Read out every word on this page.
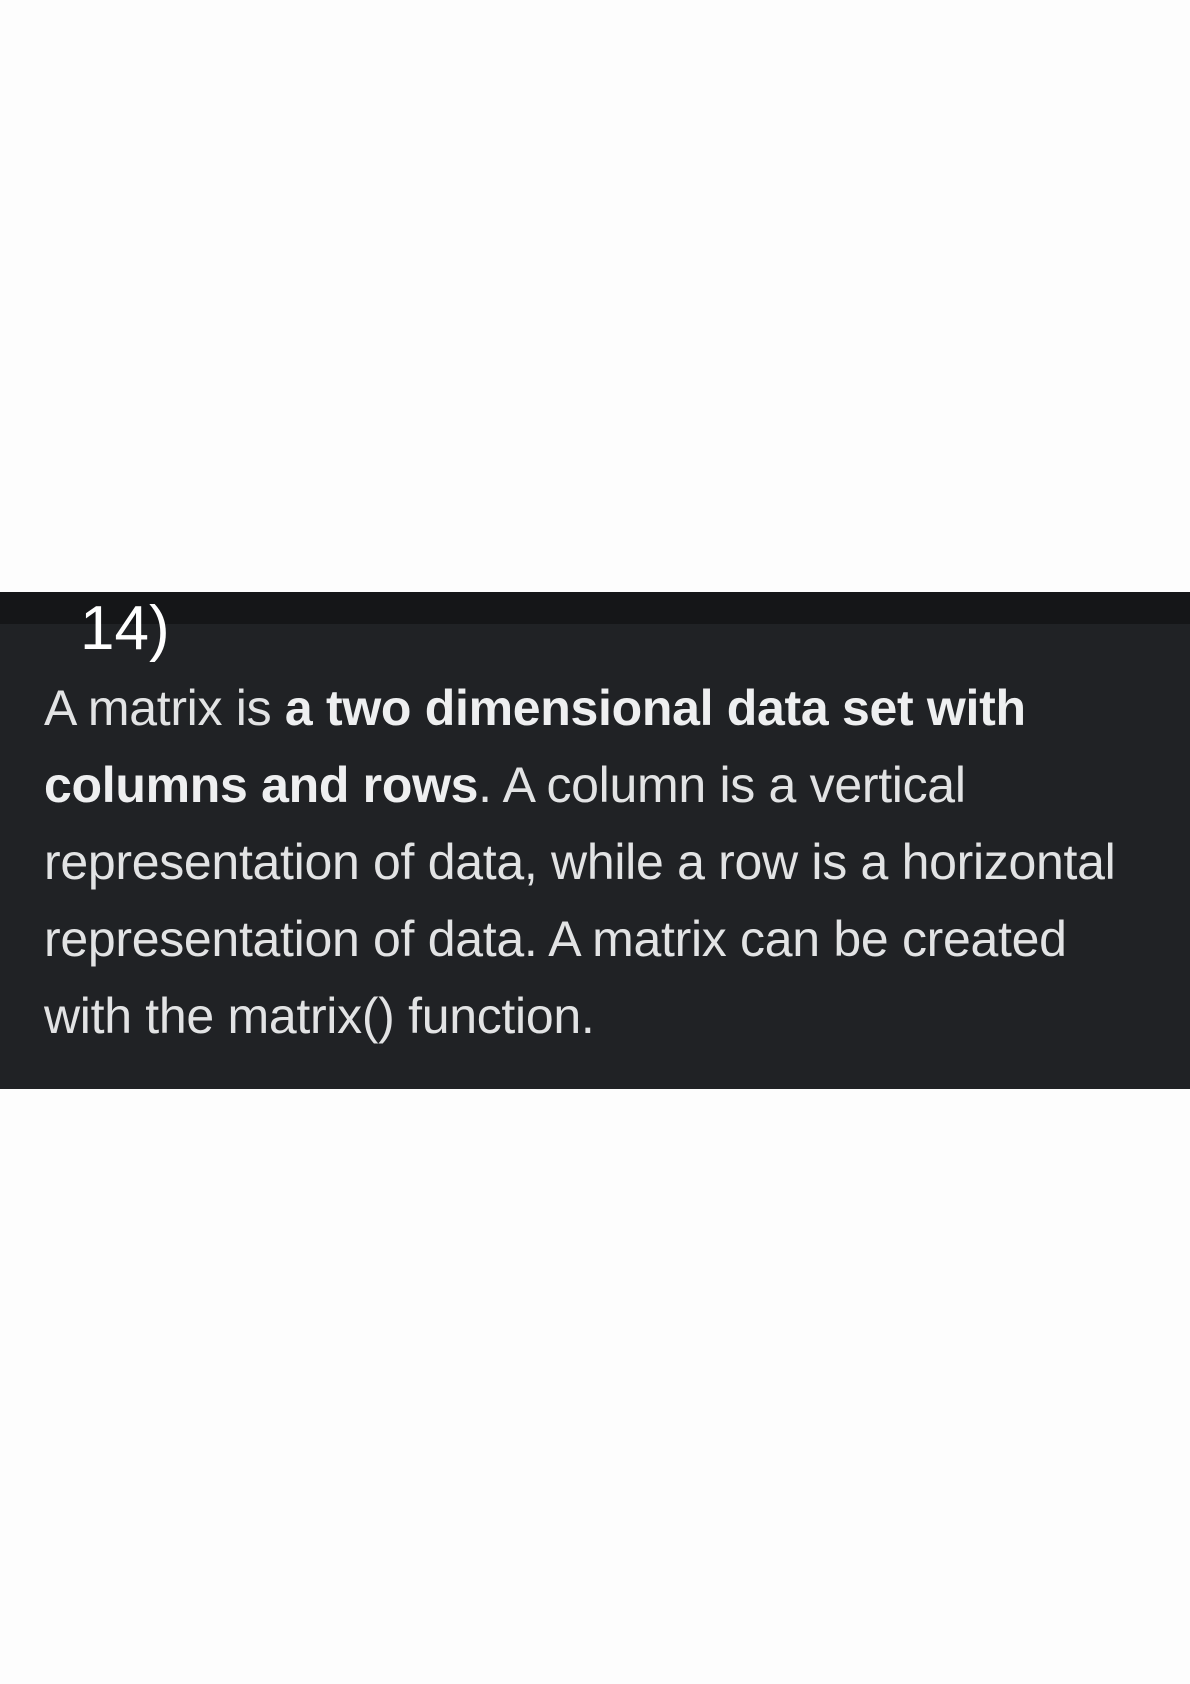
14)

A matrix is a two dimensional data set with columns and rows. A column is a vertical representation of data, while a row is a horizontal representation of data. A matrix can be created with the matrix() function.
